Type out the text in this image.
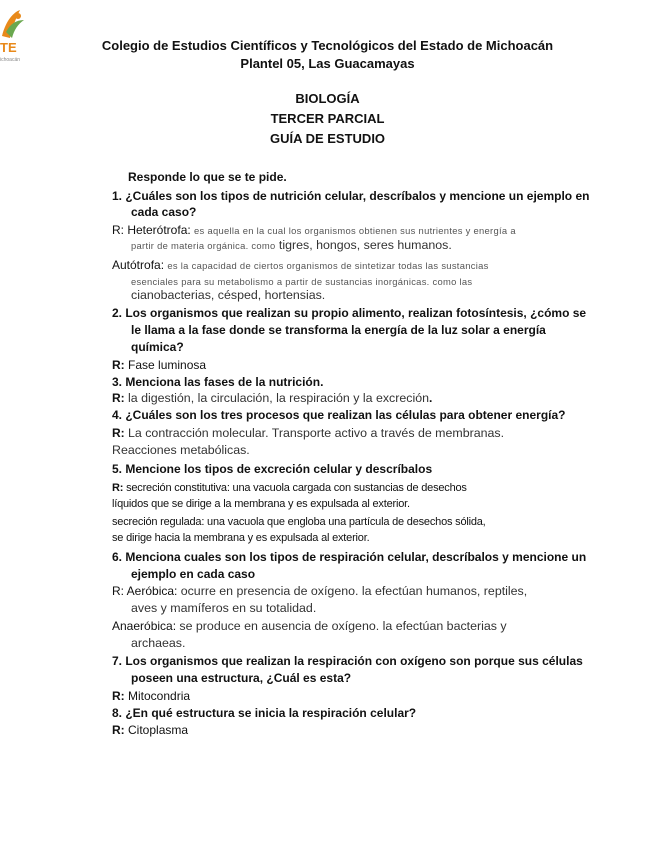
TE
ichoacán
Colegio de Estudios Científicos y Tecnológicos del Estado de Michoacán
Plantel 05, Las Guacamayas
BIOLOGÍA
TERCER PARCIAL
GUÍA DE ESTUDIO
Responde lo que se te pide.
1. ¿Cuáles son los tipos de nutrición celular, descríbalos y mencione un ejemplo en
cada caso?
R: Heterótrofa: es aquella en la cual los organismos obtienen sus nutrientes y energía a
partir de materia orgánica. como tigres, hongos, seres humanos.
Autótrofa: es la capacidad de ciertos organismos de sintetizar todas las sustancias
esenciales para su metabolismo a partir de sustancias inorgánicas. como las
cianobacterias, césped, hortensias.
2. Los organismos que realizan su propio alimento, realizan fotosíntesis, ¿cómo se
le llama a la fase donde se transforma la energía de la luz solar a energía
química?
R: Fase luminosa
3. Menciona las fases de la nutrición.
R: la digestión, la circulación, la respiración y la excreción.
4. ¿Cuáles son los tres procesos que realizan las células para obtener energía?
R: La contracción molecular. Transporte activo a través de membranas.
Reacciones metabólicas.
5. Mencione los tipos de excreción celular y descríbalos
R: secreción constitutiva: una vacuola cargada con sustancias de desechos
líquidos que se dirige a la membrana y es expulsada al exterior.
secreción regulada: una vacuola que engloba una partícula de desechos sólida,
se dirige hacia la membrana y es expulsada al exterior.
6. Menciona cuales son los tipos de respiración celular, descríbalos y mencione un
ejemplo en cada caso
R: Aeróbica: ocurre en presencia de oxígeno. la efectúan humanos, reptiles,
aves y mamíferos en su totalidad.
Anaeróbica: se produce en ausencia de oxígeno. la efectúan bacterias y
archaeas.
7. Los organismos que realizan la respiración con oxígeno son porque sus células
poseen una estructura, ¿Cuál es esta?
R: Mitocondria
8. ¿En qué estructura se inicia la respiración celular?
R: Citoplasma
